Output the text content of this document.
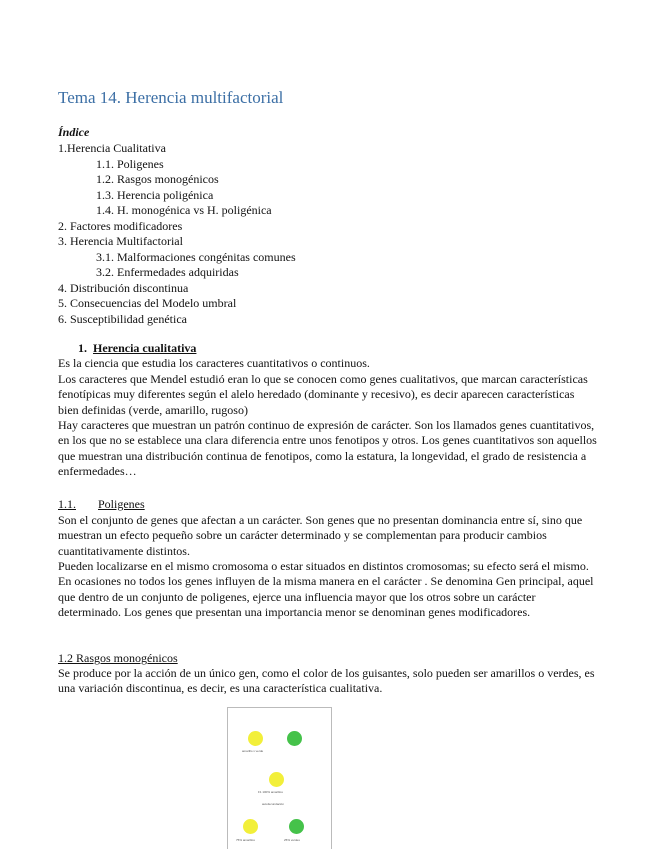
Tema 14. Herencia multifactorial
Índice
1.Herencia Cualitativa
1.1. Poligenes
1.2. Rasgos monogénicos
1.3. Herencia poligénica
1.4. H. monogénica vs H. poligénica
2. Factores modificadores
3. Herencia Multifactorial
3.1. Malformaciones congénitas comunes
3.2. Enfermedades adquiridas
4. Distribución discontinua
5. Consecuencias del Modelo umbral
6. Susceptibilidad genética
1. Herencia cualitativa
Es la ciencia que estudia los caracteres cuantitativos o continuos.
Los caracteres que Mendel estudió eran lo que se conocen como genes cualitativos, que marcan características fenotípicas muy diferentes según el alelo heredado (dominante y recesivo), es decir aparecen características bien definidas (verde, amarillo, rugoso)
Hay caracteres que muestran un patrón continuo de expresión de carácter. Son los llamados genes cuantitativos, en los que no se establece una clara diferencia entre unos fenotipos y otros. Los genes cuantitativos son aquellos que muestran una distribución continua de fenotipos, como la estatura, la longevidad, el grado de resistencia a enfermedades…
1.1. Poligenes
Son el conjunto de genes que afectan a un carácter. Son genes que no presentan dominancia entre sí, sino que muestran un efecto pequeño sobre un carácter determinado y se complementan para producir cambios cuantitativamente distintos.
Pueden localizarse en el mismo cromosoma o estar situados en distintos cromosomas; su efecto será el mismo. En ocasiones no todos los genes influyen de la misma manera en el carácter . Se denomina Gen principal, aquel que dentro de un conjunto de poligenes, ejerce una influencia mayor que los otros sobre un carácter determinado. Los genes que presentan una importancia menor se denominan genes modificadores.
1.2 Rasgos monogénicos
Se produce por la acción de un único gen, como el color de los guisantes, solo pueden ser amarillos o verdes, es una variación discontinua, es decir, es una característica cualitativa.
amarillo x verde
F1 100% amarillos
autofecundación
75% amarillos	25% verdes
